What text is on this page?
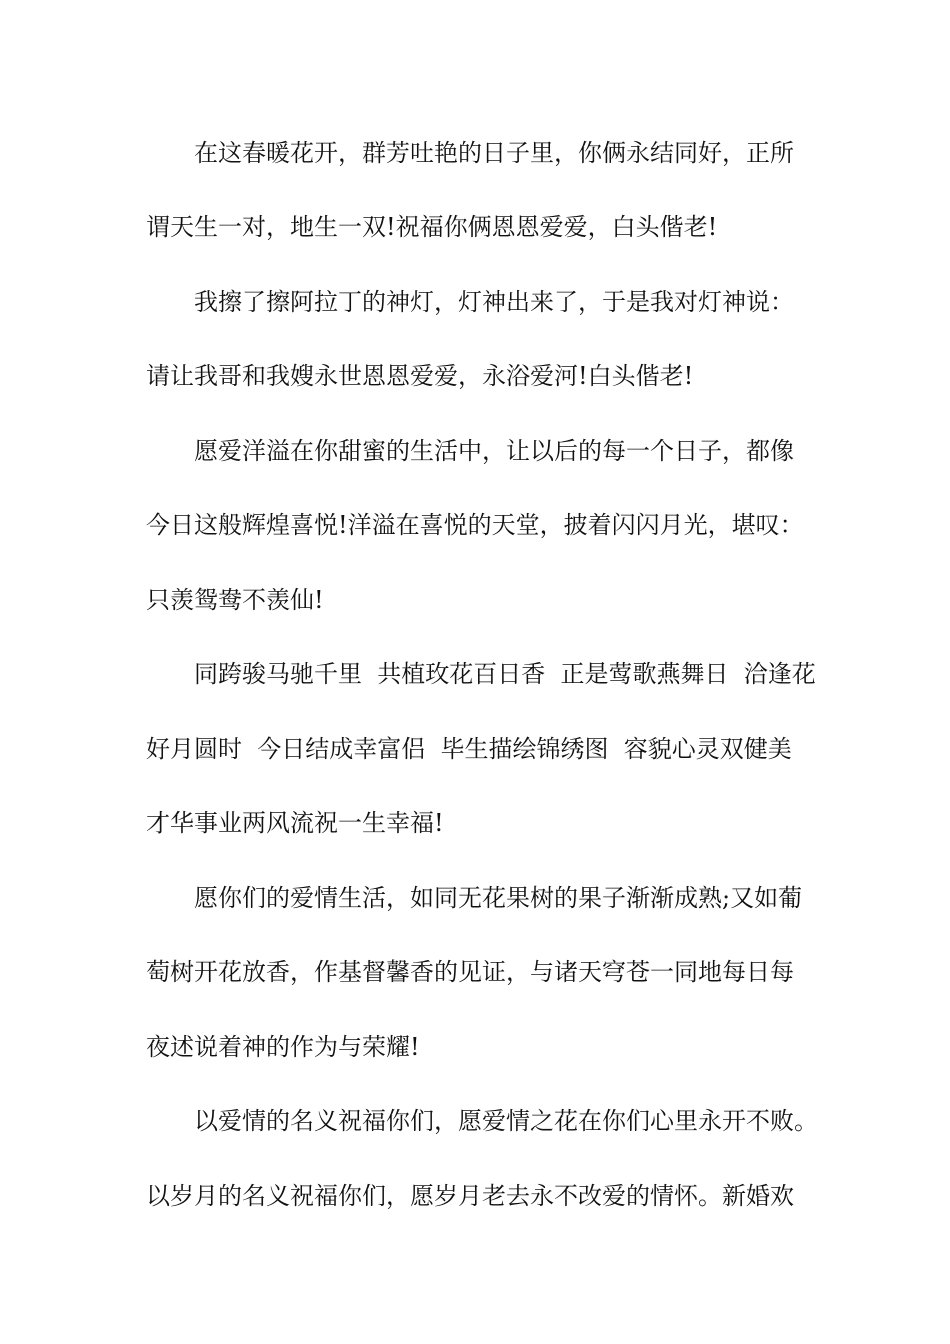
在这春暖花开，群芳吐艳的日子里，你俩永结同好，正所
谓天生一对，地生一双!祝福你俩恩恩爱爱，白头偕老!
我擦了擦阿拉丁的神灯，灯神出来了，于是我对灯神说：
请让我哥和我嫂永世恩恩爱爱，永浴爱河!白头偕老!
愿爱洋溢在你甜蜜的生活中，让以后的每一个日子，都像
今日这般辉煌喜悦!洋溢在喜悦的天堂，披着闪闪月光，堪叹：
只羡鸳鸯不羡仙!
同跨骏马驰千里  共植玫花百日香  正是莺歌燕舞日  洽逢花
好月圆时  今日结成幸富侣  毕生描绘锦绣图  容貌心灵双健美
才华事业两风流祝一生幸福!
愿你们的爱情生活，如同无花果树的果子渐渐成熟;又如葡
萄树开花放香，作基督馨香的见证，与诸天穹苍一同地每日每
夜述说着神的作为与荣耀!
以爱情的名义祝福你们，愿爱情之花在你们心里永开不败。
以岁月的名义祝福你们，愿岁月老去永不改爱的情怀。新婚欢
